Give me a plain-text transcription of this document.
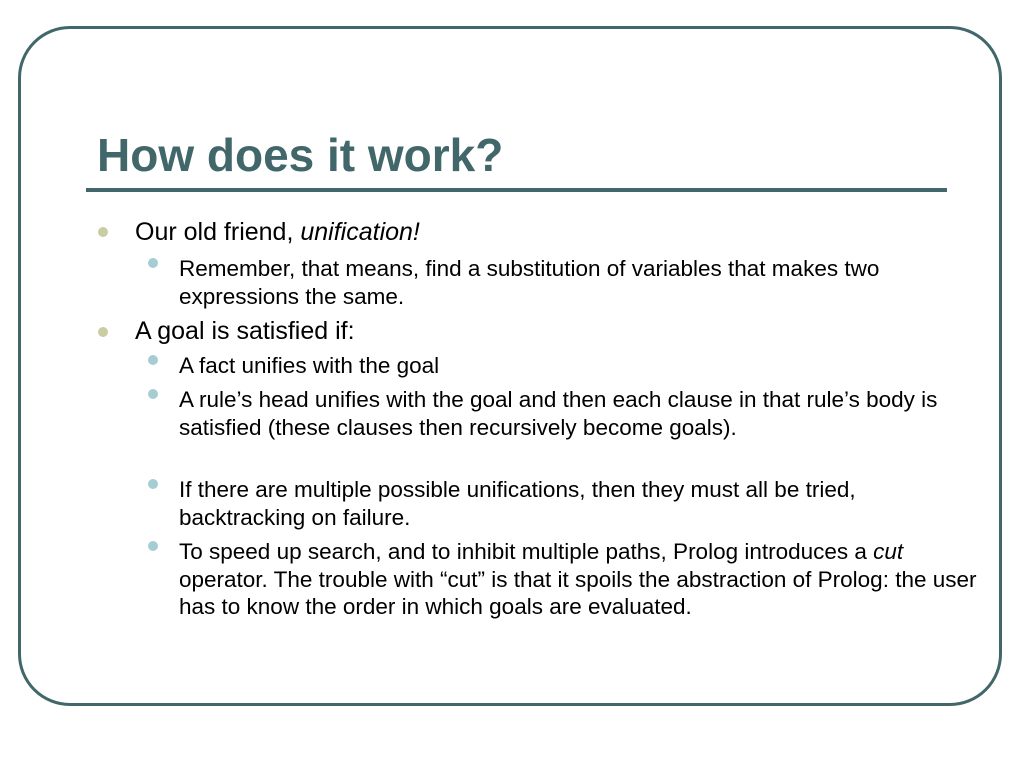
How does it work?
Our old friend, unification!
Remember, that means, find a substitution of variables that makes two expressions the same.
A goal is satisfied if:
A fact unifies with the goal
A rule’s head unifies with the goal and then each clause in that rule’s body is satisfied (these clauses then recursively become goals).
If there are multiple possible unifications, then they must all be tried, backtracking on failure.
To speed up search, and to inhibit multiple paths, Prolog introduces a cut operator. The trouble with “cut” is that it spoils the abstraction of Prolog: the user has to know the order in which goals are evaluated.
